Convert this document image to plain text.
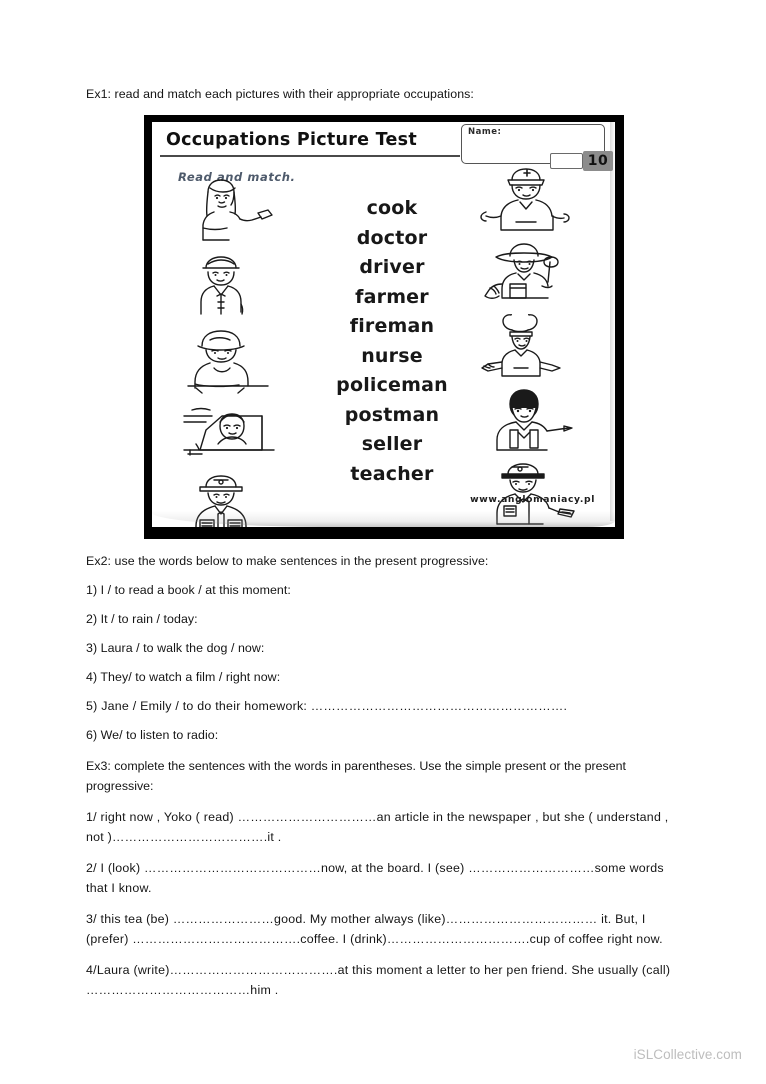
Ex1: read and match each pictures with their appropriate occupations:

Occupations Picture Test	Name:
10
Read and match.
cook
doctor
driver
farmer
fireman
nurse
policeman
postman
seller
teacher
www.anglomaniacy.pl

Ex2: use the words below to make sentences in the present progressive:

1) I / to read a book / at this moment:

2) It / to rain / today:

3) Laura / to walk the dog / now:

4) They/ to watch a film / right now:

5) Jane / Emily / to do their homework: …………………………………………………….

6) We/ to listen to radio:

Ex3: complete the sentences with the words in parentheses. Use the simple present or the present progressive:

1/ right now , Yoko ( read) ……………………………an article in the newspaper , but she ( understand , not )……………………………….it .

2/ I (look) ……………………………………now, at the board. I (see) …………………………some words that I know.

3/ this tea (be) ……………………good. My mother always (like)……………………………… it. But, I (prefer) ………………………………….coffee. I (drink)…………………………….cup of coffee right now.

4/Laura (write)………………………………….at this moment a letter to her pen friend. She usually (call) …………………………………him .

iSLCollective.com
